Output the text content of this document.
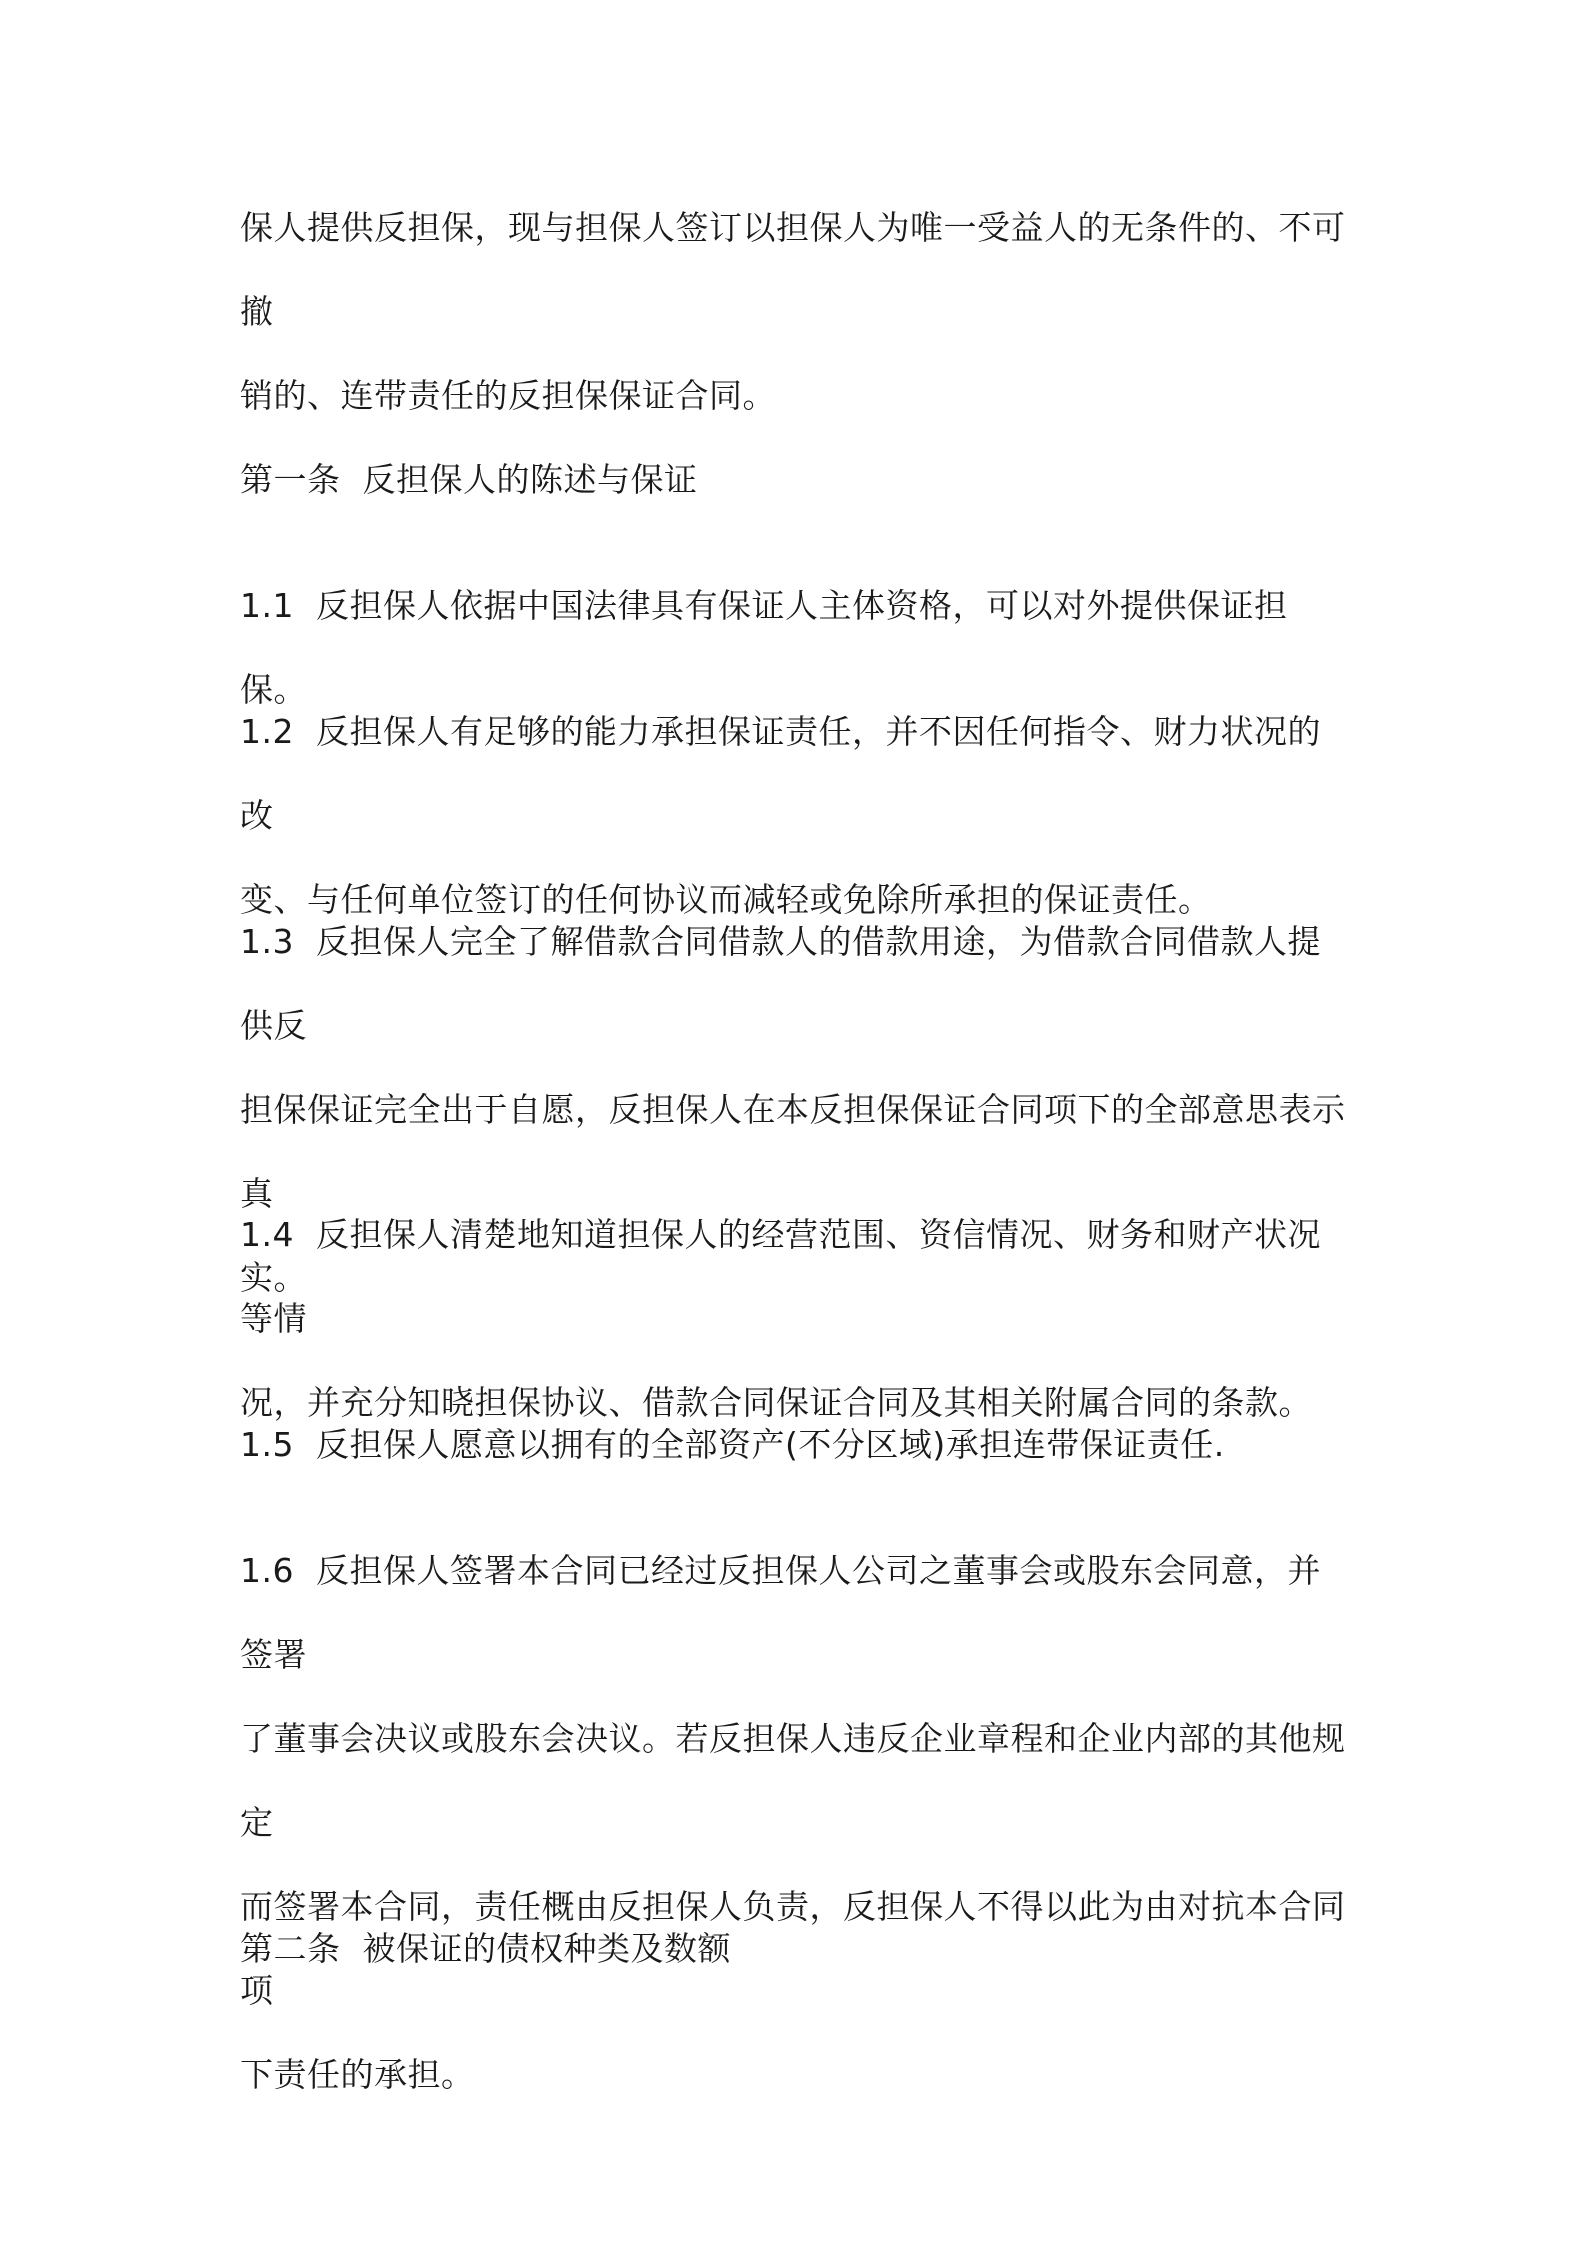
保人提供反担保，现与担保人签订以担保人为唯一受益人的无条件的、不可撤
销的、连带责任的反担保保证合同。

第一条  反担保人的陈述与保证

1.1  反担保人依据中国法律具有保证人主体资格，可以对外提供保证担保。

1.2  反担保人有足够的能力承担保证责任，并不因任何指令、财力状况的改
变、与任何单位签订的任何协议而减轻或免除所承担的保证责任。

1.3  反担保人完全了解借款合同借款人的借款用途，为借款合同借款人提供反
担保保证完全出于自愿，反担保人在本反担保保证合同项下的全部意思表示真
实。

1.4  反担保人清楚地知道担保人的经营范围、资信情况、财务和财产状况等情
况，并充分知晓担保协议、借款合同保证合同及其相关附属合同的条款。

1.5  反担保人愿意以拥有的全部资产(不分区域)承担连带保证责任.

1.6  反担保人签署本合同已经过反担保人公司之董事会或股东会同意，并签署
了董事会决议或股东会决议。若反担保人违反企业章程和企业内部的其他规定
而签署本合同，责任概由反担保人负责，反担保人不得以此为由对抗本合同项
下责任的承担。

第二条  被保证的债权种类及数额
